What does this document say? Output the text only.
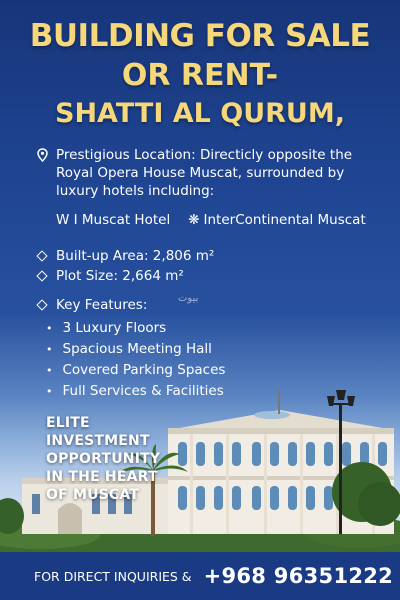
BUILDING FOR SALE
OR RENT-
SHATTI AL QURUM,
Prestigious Location: Directicly opposite the Royal Opera House Muscat, surrounded by luxury hotels including:
W I Muscat Hotel ❋ InterContinental Muscat
Built-up Area: 2,806 m²
Plot Size: 2,664 m²
Key Features:	بيوت
• 3 Luxury Floors
• Spacious Meeting Hall
• Covered Parking Spaces
• Full Services & Facilities
ELITE INVESTMENT
OPPORTUNITY
IN THE HEART
OF MUSCAT
FOR DIRECT INQUIRIES & +968 96351222
